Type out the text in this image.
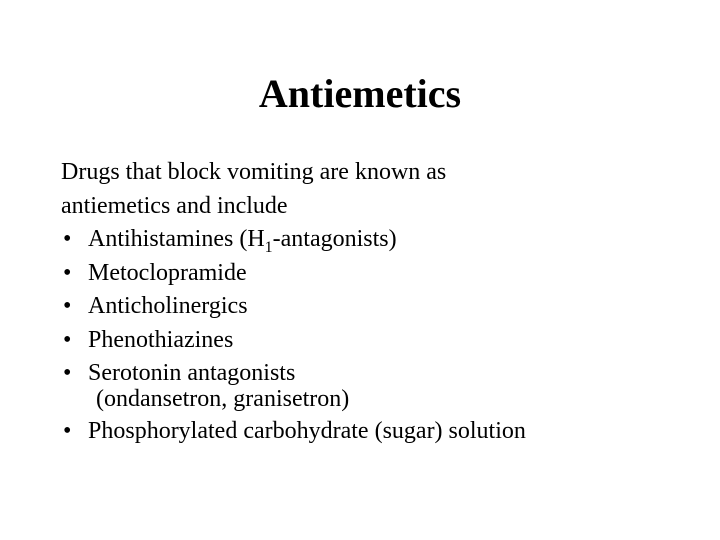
Antiemetics
Drugs that block vomiting are known as
antiemetics and include
• Antihistamines $(H_1-antagonists)$
• Metoclopramide
• Anticholinergics
• Phenothiazines
• Serotonin antagonists
(ondansetron, granisetron)
• Phosphorylated carbohydrate (sugar) solution
